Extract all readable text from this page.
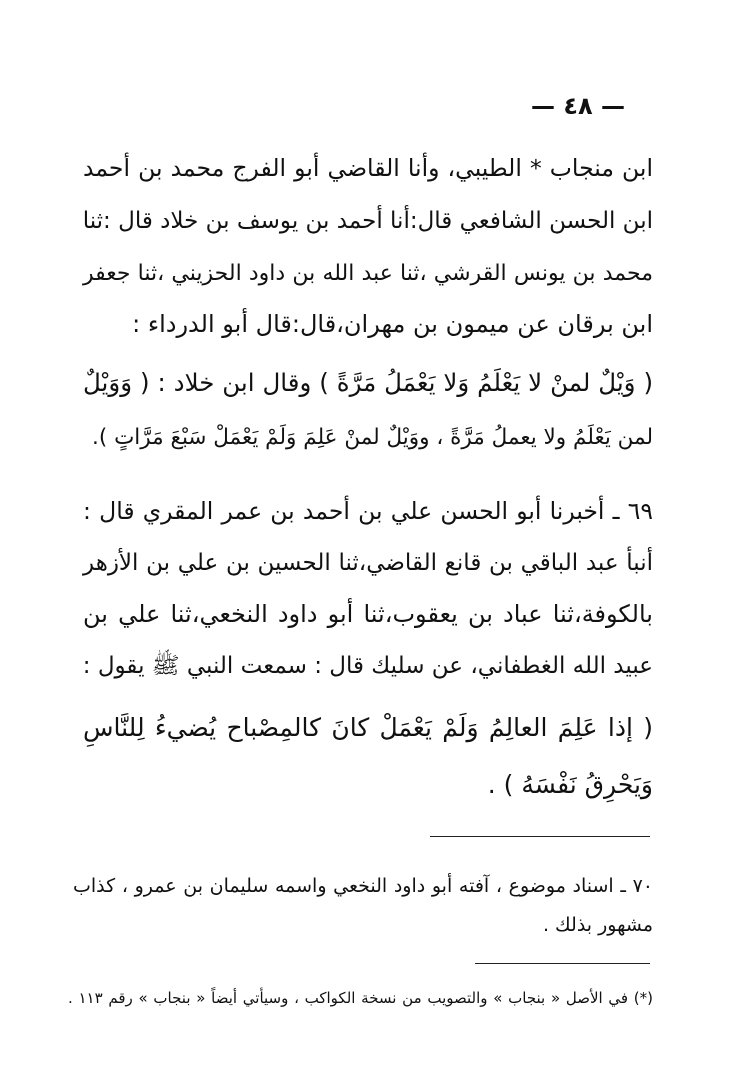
— ٤٨ —
ابن منجاب * الطيبي، وأنا القاضي أبو الفرج محمد بن أحمد
ابن الحسن الشافعي قال:أنا أحمد بن يوسف بن خلاد قال :ثنا
محمد بن يونس القرشي ،ثنا عبد الله بن داود الحزيني ،ثنا جعفر
ابن برقان عن ميمون بن مهران،قال:قال أبو الدرداء :
( وَيْلٌ لمنْ لا يَعْلَمُ وَلا يَعْمَلُ مَرَّةً ) وقال ابن خلاد : ( وَوَيْلٌ
لمن يَعْلَمُ ولا يعملُ مَرَّةً ، ووَيْلٌ لمنْ عَلِمَ وَلَمْ يَعْمَلْ سَبْعَ مَرَّاتٍ ).
٦٩ ـ أخبرنا أبو الحسن علي بن أحمد بن عمر المقري قال :
أنبأ عبد الباقي بن قانع القاضي،ثنا الحسين بن علي بن الأزهر
بالكوفة،ثنا عباد بن يعقوب،ثنا أبو داود النخعي،ثنا علي بن
عبيد الله الغطفاني، عن سليك قال : سمعت النبي ﷺ يقول :
( إذا عَلِمَ العالِمُ وَلَمْ يَعْمَلْ كانَ كالمِصْباح يُضيءُ لِلنَّاسِ
وَيَحْرِقُ نَفْسَهُ ) .
٧٠ ـ اسناد موضوع ، آفته أبو داود النخعي واسمه سليمان بن عمرو ، كذاب
مشهور بذلك .
(*) في الأصل « بنجاب » والتصويب من نسخة الكواكب ، وسيأتي أيضاً « بنجاب » رقم ١١٣ .
